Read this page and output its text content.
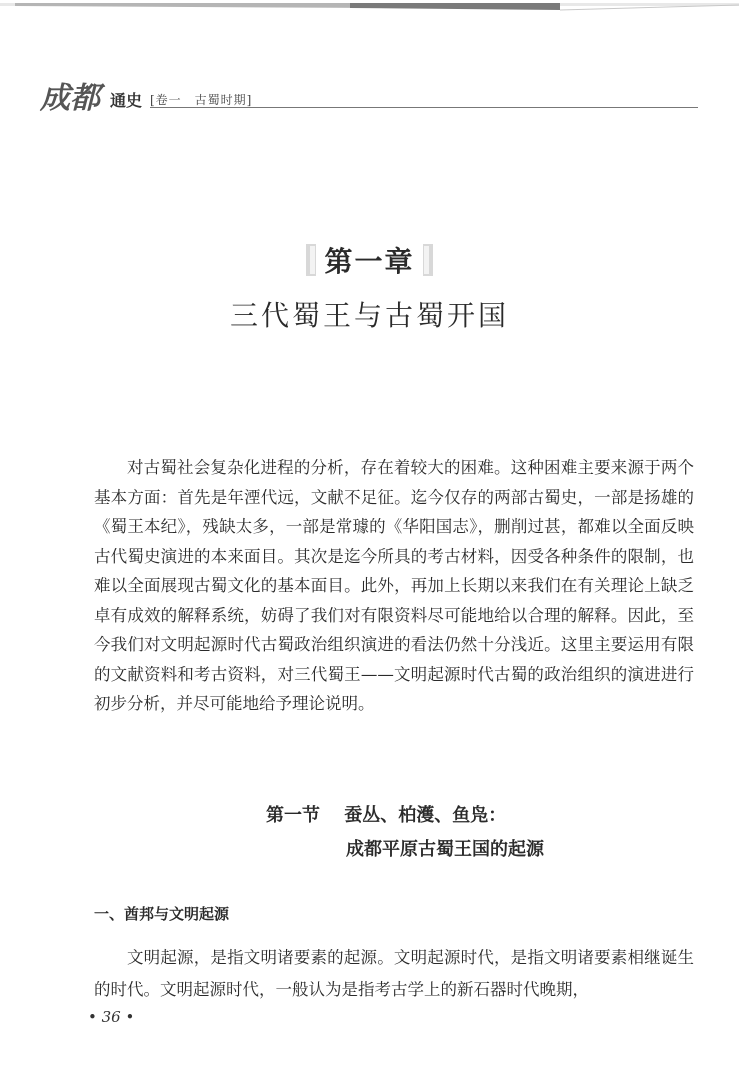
成都 通史 [卷一　古蜀时期]
第一章
三代蜀王与古蜀开国

对古蜀社会复杂化进程的分析，存在着较大的困难。这种困难主要来源于两个基本方面：首先是年湮代远，文献不足征。迄今仅存的两部古蜀史，一部是扬雄的《蜀王本纪》，残缺太多，一部是常璩的《华阳国志》，删削过甚，都难以全面反映古代蜀史演进的本来面目。其次是迄今所具的考古材料，因受各种条件的限制，也难以全面展现古蜀文化的基本面目。此外，再加上长期以来我们在有关理论上缺乏卓有成效的解释系统，妨碍了我们对有限资料尽可能地给以合理的解释。因此，至今我们对文明起源时代古蜀政治组织演进的看法仍然十分浅近。这里主要运用有限的文献资料和考古资料，对三代蜀王——文明起源时代古蜀的政治组织的演进进行初步分析，并尽可能地给予理论说明。

第一节 蚕丛、柏濩、鱼凫：
成都平原古蜀王国的起源
一、酋邦与文明起源

文明起源，是指文明诸要素的起源。文明起源时代，是指文明诸要素相继诞生的时代。文明起源时代，一般认为是指考古学上的新石器时代晚期，

• 36 •
